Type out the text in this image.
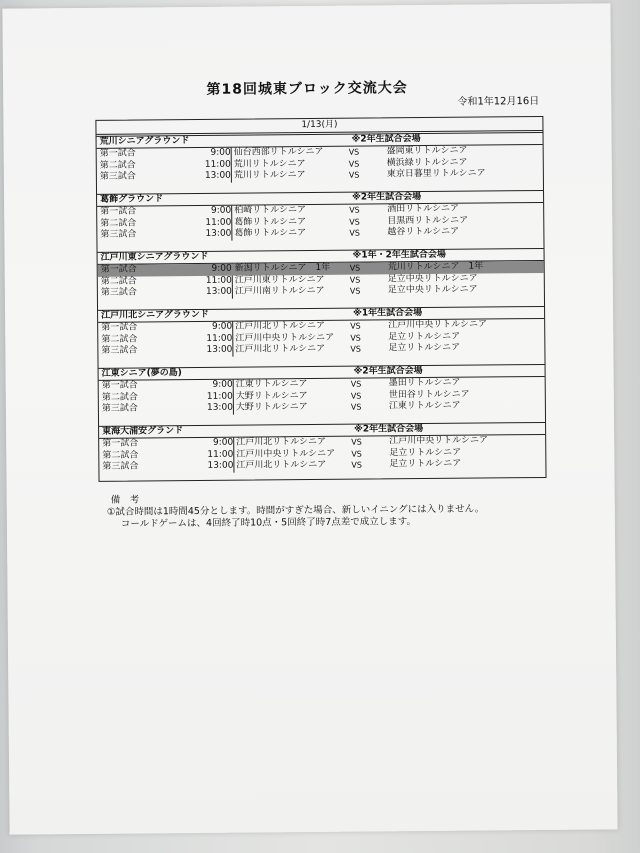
第18回城東ブロック交流大会
令和1年12月16日
1/13(月)
荒川シニアグラウンド	※2年生試合会場
第一試合	9:00 仙台西部リトルシニア	VS	盛岡東リトルシニア
第二試合	11:00 荒川リトルシニア	VS	横浜緑リトルシニア
第三試合	13:00 荒川リトルシニア	VS	東京日暮里リトルシニア
葛飾グラウンド	※2年生試合会場
第一試合	9:00 柏崎リトルシニア	VS	酒田リトルシニア
第二試合	11:00 葛飾リトルシニア	VS	目黒西リトルシニア
第三試合	13:00 葛飾リトルシニア	VS	越谷リトルシニア
江戸川東シニアグラウンド	※1年・2年生試合会場
第一試合	9:00 新潟リトルシニア　1年 VS	荒川リトルシニア　1年
第二試合	11:00 江戸川東リトルシニア	VS	足立中央リトルシニア
第三試合	13:00 江戸川南リトルシニア	VS	足立中央リトルシニア
江戸川北シニアグラウンド	※1年生試合会場
第一試合	9:00 江戸川北リトルシニア	VS	江戸川中央リトルシニア
第二試合	11:00 江戸川中央リトルシニア VS	足立リトルシニア
第三試合	13:00 江戸川北リトルシニア	VS	足立リトルシニア
江東シニア(夢の島)	※2年生試合会場
第一試合	9:00 江東リトルシニア	VS	墨田リトルシニア
第二試合	11:00 大野リトルシニア	VS	世田谷リトルシニア
第三試合	13:00 大野リトルシニア	VS	江東リトルシニア
東海大浦安グランド	※2年生試合会場
第一試合	9:00 江戸川北リトルシニア	VS	江戸川中央リトルシニア
第二試合	11:00 江戸川中央リトルシニア VS	足立リトルシニア
第三試合	13:00 江戸川北リトルシニア	VS	足立リトルシニア
備　考
①試合時間は1時間45分とします。時間がすぎた場合、新しいイニングには入りません。
コールドゲームは、4回終了時10点・5回終了時7点差で成立します。
